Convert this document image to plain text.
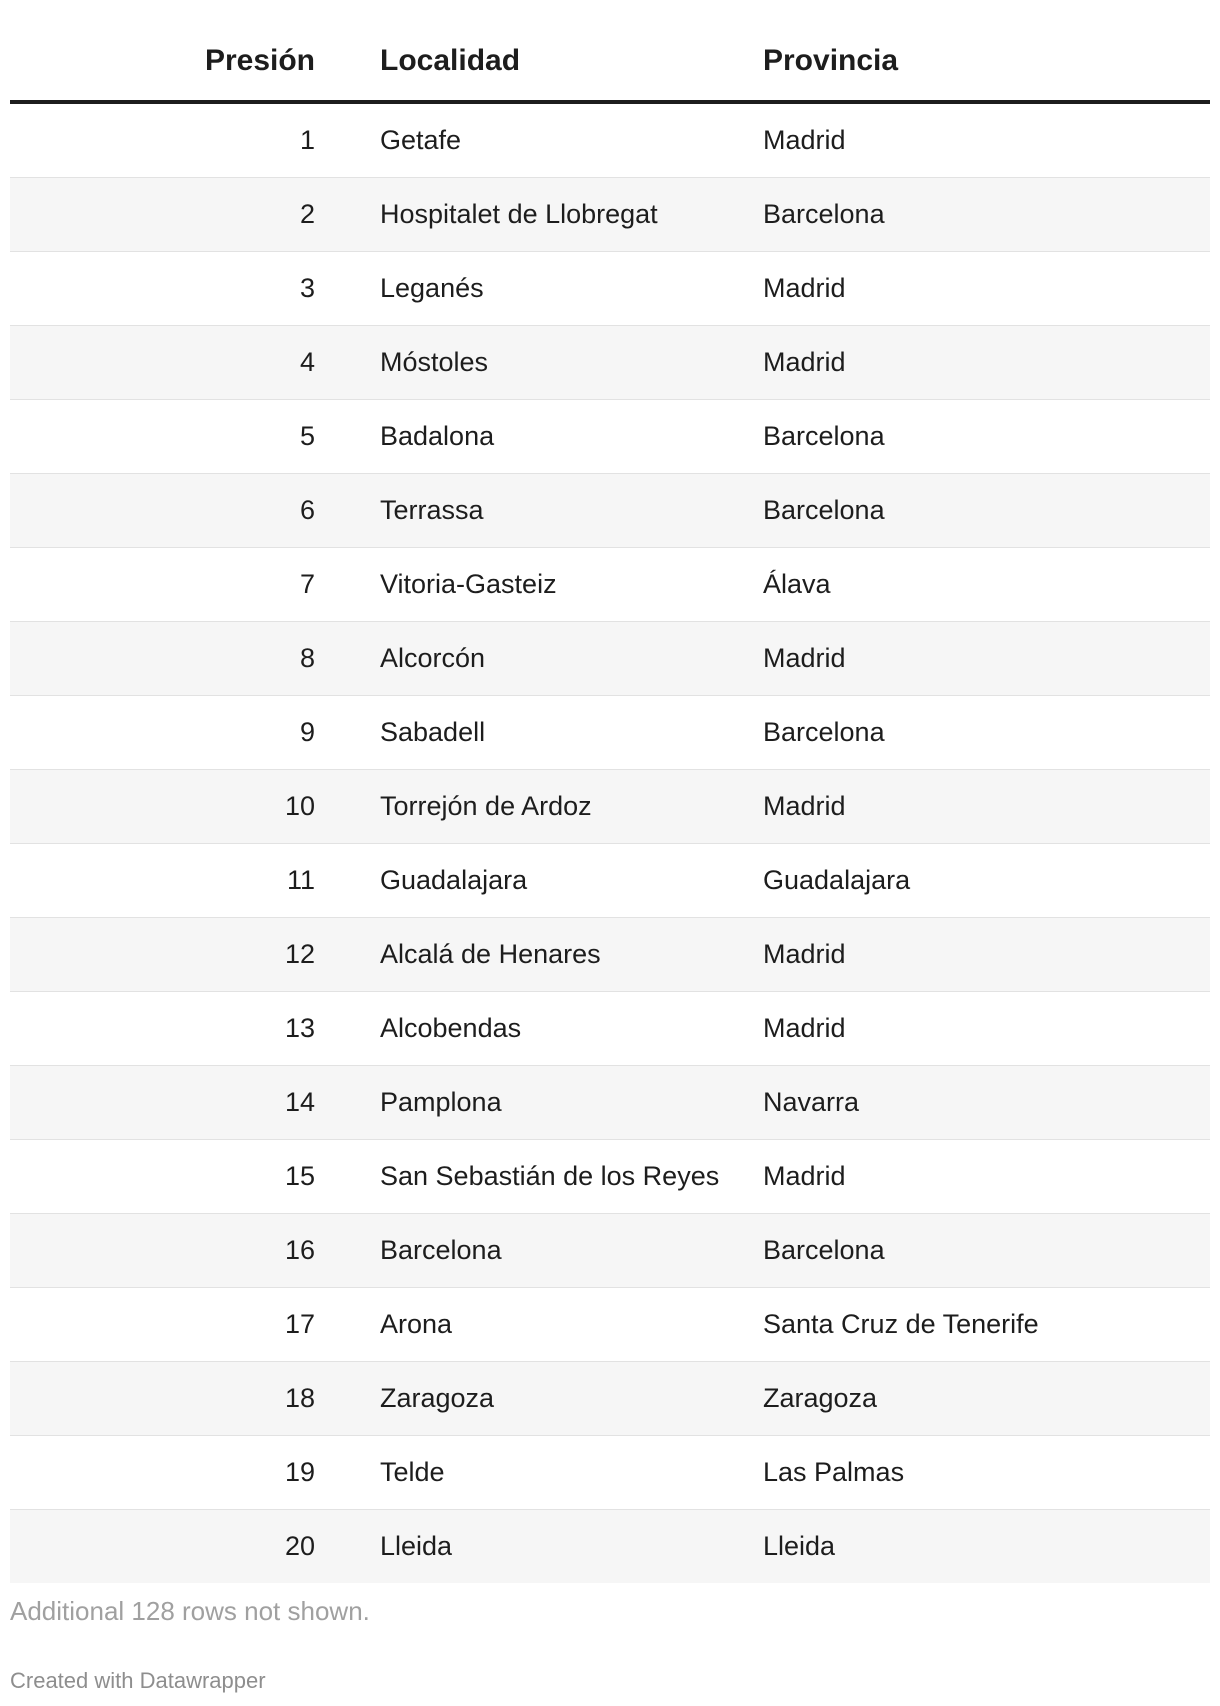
Presión	Localidad	Provincia
1	Getafe	Madrid
2	Hospitalet de Llobregat	Barcelona
3	Leganés	Madrid
4	Móstoles	Madrid
5	Badalona	Barcelona
6	Terrassa	Barcelona
7	Vitoria-Gasteiz	Álava
8	Alcorcón	Madrid
9	Sabadell	Barcelona
10	Torrejón de Ardoz	Madrid
11	Guadalajara	Guadalajara
12	Alcalá de Henares	Madrid
13	Alcobendas	Madrid
14	Pamplona	Navarra
15	San Sebastián de los Reyes	Madrid
16	Barcelona	Barcelona
17	Arona	Santa Cruz de Tenerife
18	Zaragoza	Zaragoza
19	Telde	Las Palmas
20	Lleida	Lleida
Additional 128 rows not shown.
Created with Datawrapper
